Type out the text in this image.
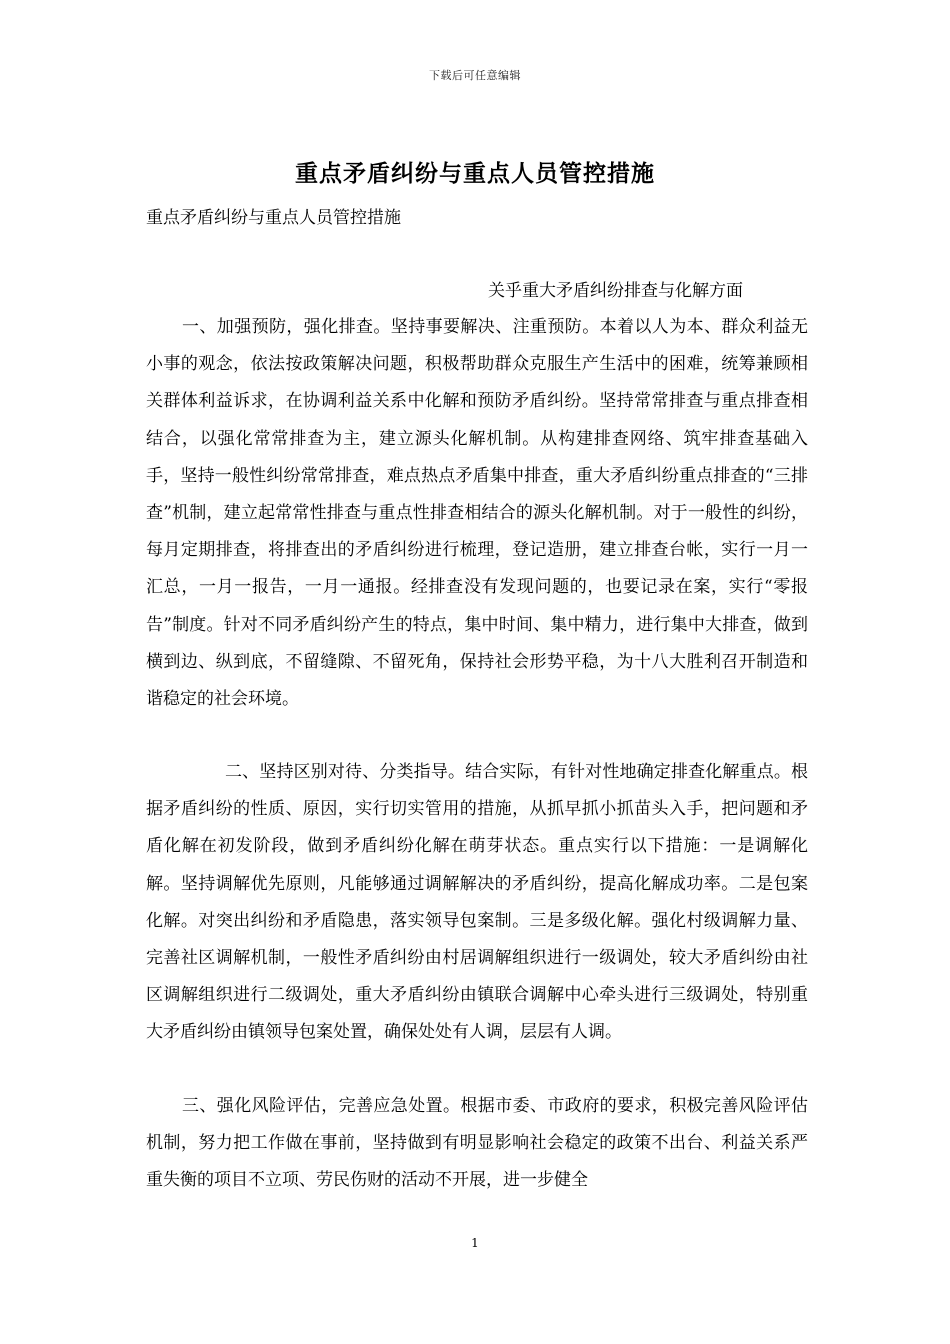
下载后可任意编辑
重点矛盾纠纷与重点人员管控措施
重点矛盾纠纷与重点人员管控措施
关乎重大矛盾纠纷排查与化解方面

一、加强预防，强化排查。坚持事要解决、注重预防。本着以人为本、群众利益无小事的观念，依法按政策解决问题，积极帮助群众克服生产生活中的困难，统筹兼顾相关群体利益诉求，在协调利益关系中化解和预防矛盾纠纷。坚持常常排查与重点排查相结合，以强化常常排查为主，建立源头化解机制。从构建排查网络、筑牢排查基础入手，坚持一般性纠纷常常排查，难点热点矛盾集中排查，重大矛盾纠纷重点排查的“三排查”机制，建立起常常性排查与重点性排查相结合的源头化解机制。对于一般性的纠纷，每月定期排查，将排查出的矛盾纠纷进行梳理，登记造册，建立排查台帐，实行一月一汇总，一月一报告，一月一通报。经排查没有发现问题的，也要记录在案，实行“零报告”制度。针对不同矛盾纠纷产生的特点，集中时间、集中精力，进行集中大排查，做到横到边、纵到底，不留缝隙、不留死角，保持社会形势平稳，为十八大胜利召开制造和谐稳定的社会环境。

二、坚持区别对待、分类指导。结合实际，有针对性地确定排查化解重点。根据矛盾纠纷的性质、原因，实行切实管用的措施，从抓早抓小抓苗头入手，把问题和矛盾化解在初发阶段，做到矛盾纠纷化解在萌芽状态。重点实行以下措施：一是调解化解。坚持调解优先原则，凡能够通过调解解决的矛盾纠纷，提高化解成功率。二是包案化解。对突出纠纷和矛盾隐患，落实领导包案制。三是多级化解。强化村级调解力量、完善社区调解机制，一般性矛盾纠纷由村居调解组织进行一级调处，较大矛盾纠纷由社区调解组织进行二级调处，重大矛盾纠纷由镇联合调解中心牵头进行三级调处，特别重大矛盾纠纷由镇领导包案处置，确保处处有人调，层层有人调。

三、强化风险评估，完善应急处置。根据市委、市政府的要求，积极完善风险评估机制，努力把工作做在事前，坚持做到有明显影响社会稳定的政策不出台、利益关系严重失衡的项目不立项、劳民伤财的活动不开展，进一步健全

1
